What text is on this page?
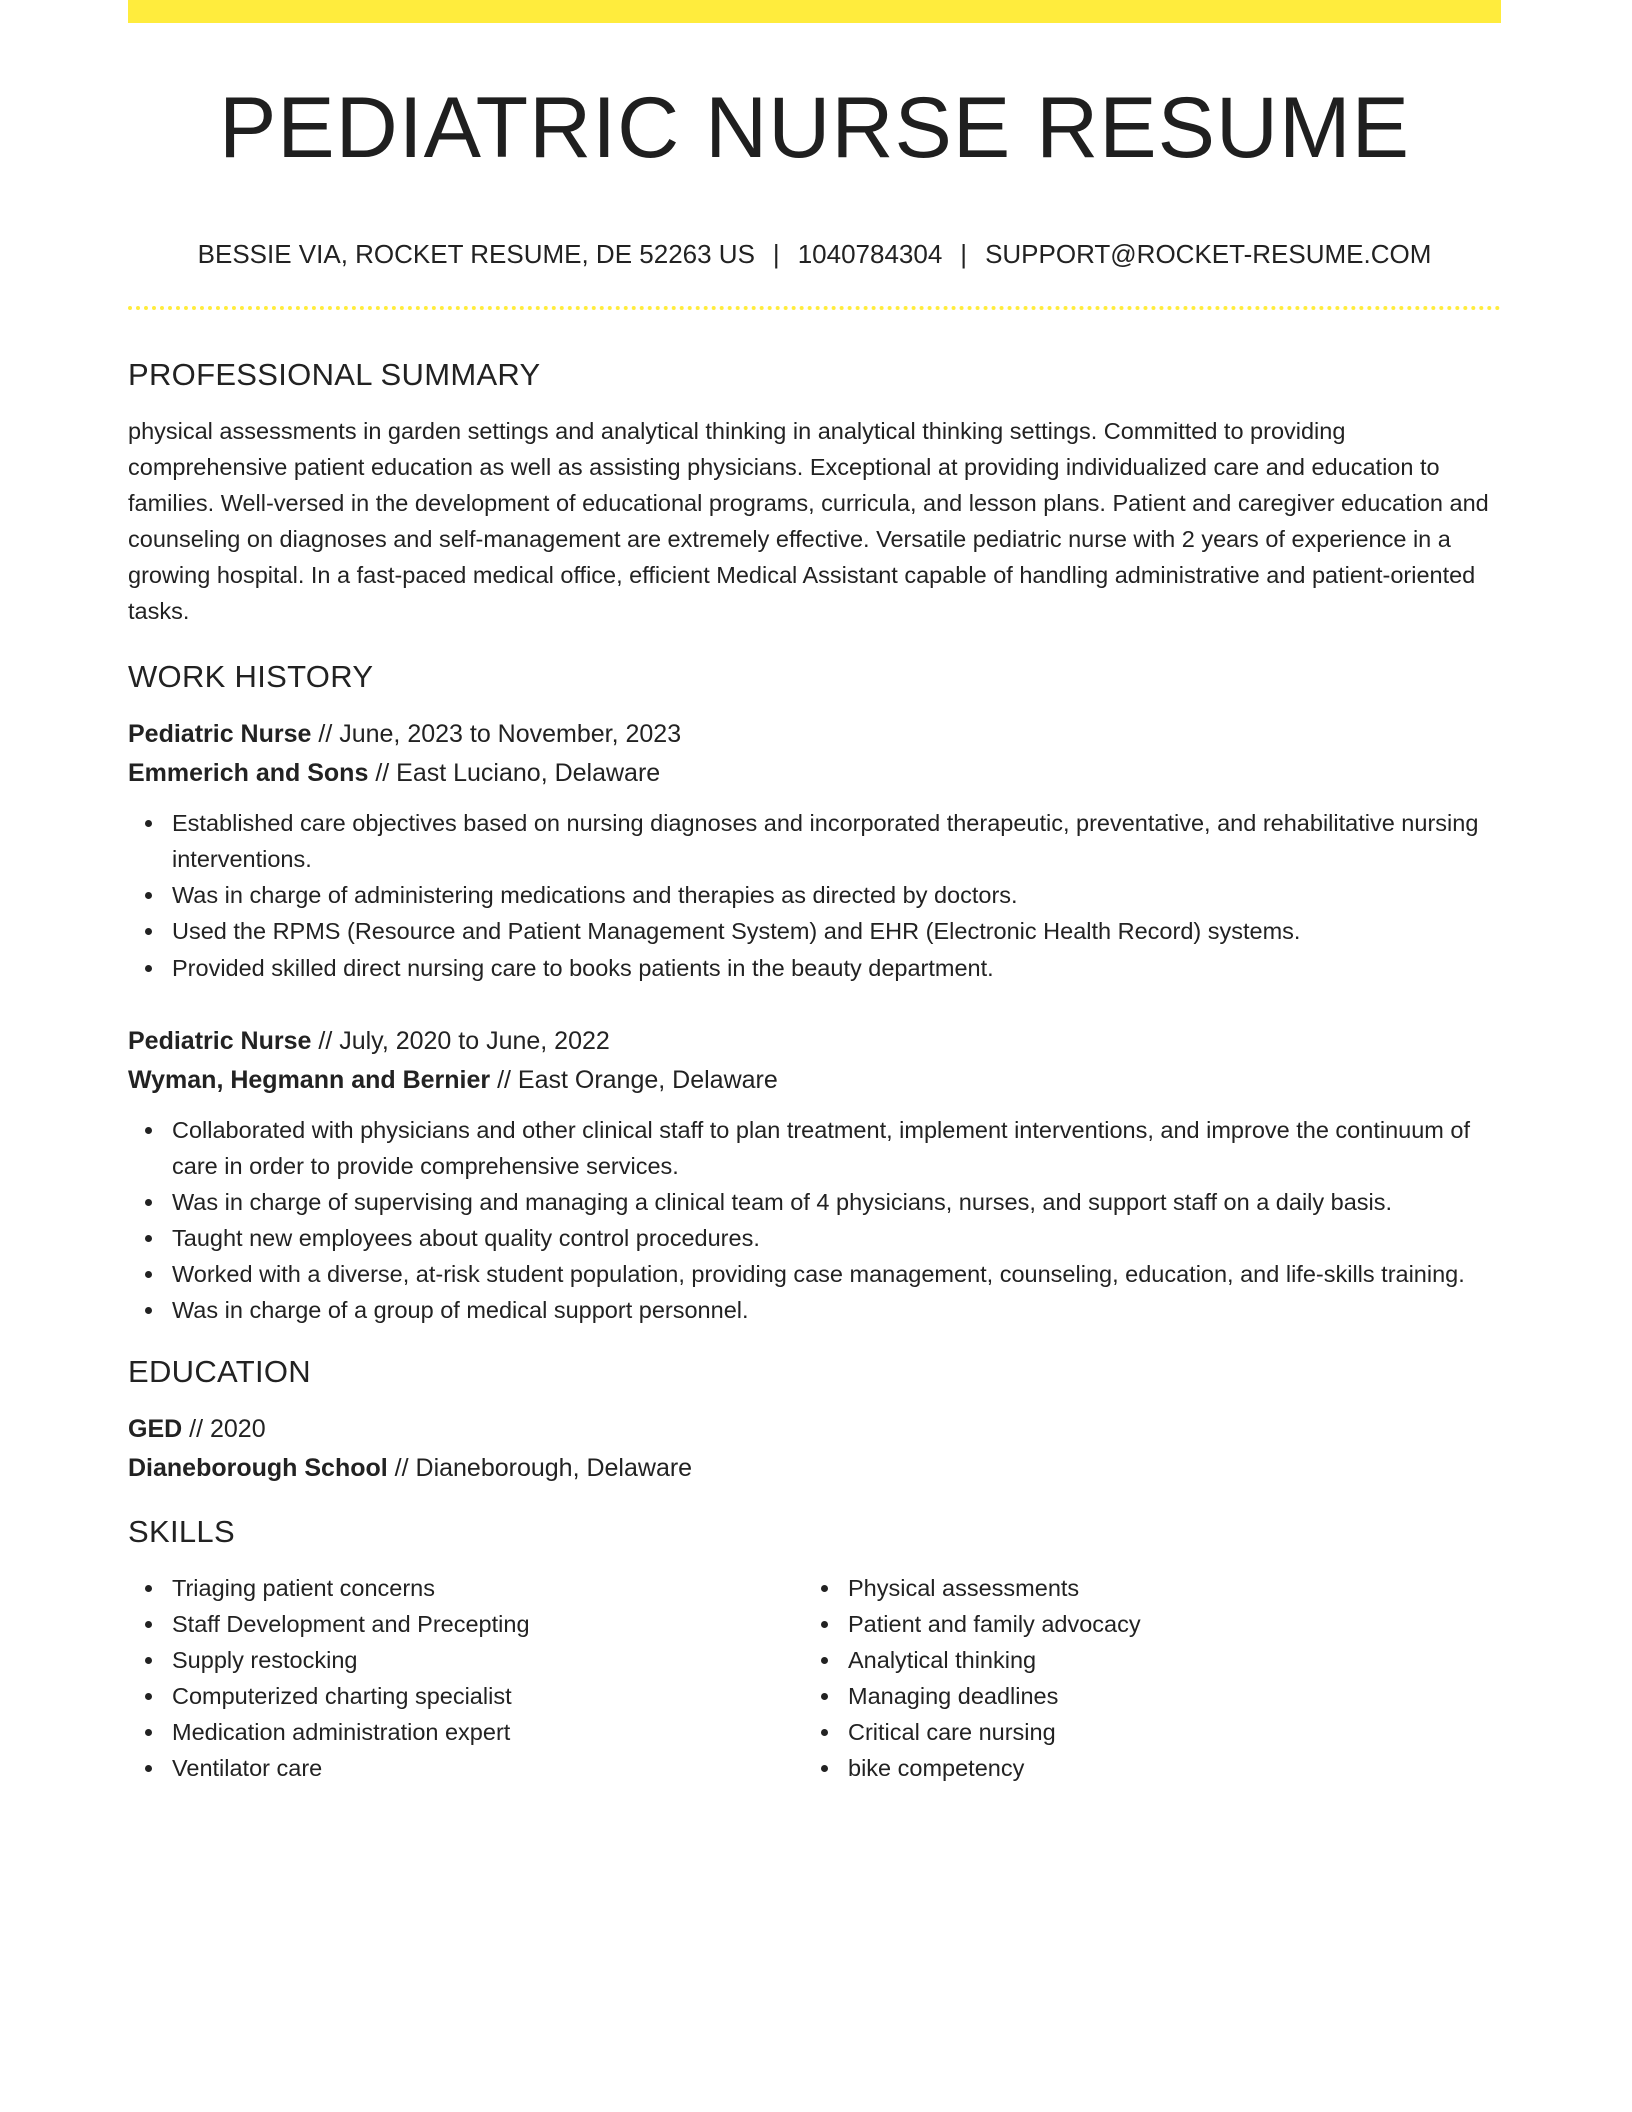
PEDIATRIC NURSE RESUME
BESSIE VIA, ROCKET RESUME, DE 52263 US | 1040784304 | SUPPORT@ROCKET-RESUME.COM
PROFESSIONAL SUMMARY

physical assessments in garden settings and analytical thinking in analytical thinking settings. Committed to providing comprehensive patient education as well as assisting physicians. Exceptional at providing individualized care and education to families. Well-versed in the development of educational programs, curricula, and lesson plans. Patient and caregiver education and counseling on diagnoses and self-management are extremely effective. Versatile pediatric nurse with 2 years of experience in a growing hospital. In a fast-paced medical office, efficient Medical Assistant capable of handling administrative and patient-oriented tasks.

WORK HISTORY
Pediatric Nurse // June, 2023 to November, 2023
Emmerich and Sons // East Luciano, Delaware
Established care objectives based on nursing diagnoses and incorporated therapeutic, preventative, and rehabilitative nursing interventions.
Was in charge of administering medications and therapies as directed by doctors.
Used the RPMS (Resource and Patient Management System) and EHR (Electronic Health Record) systems.
Provided skilled direct nursing care to books patients in the beauty department.
Pediatric Nurse // July, 2020 to June, 2022
Wyman, Hegmann and Bernier // East Orange, Delaware
Collaborated with physicians and other clinical staff to plan treatment, implement interventions, and improve the continuum of care in order to provide comprehensive services.
Was in charge of supervising and managing a clinical team of 4 physicians, nurses, and support staff on a daily basis.
Taught new employees about quality control procedures.
Worked with a diverse, at-risk student population, providing case management, counseling, education, and life-skills training.
Was in charge of a group of medical support personnel.
EDUCATION
GED // 2020
Dianeborough School // Dianeborough, Delaware
SKILLS
Triaging patient concerns
Staff Development and Precepting
Supply restocking
Computerized charting specialist
Medication administration expert
Ventilator care
Physical assessments
Patient and family advocacy
Analytical thinking
Managing deadlines
Critical care nursing
bike competency
